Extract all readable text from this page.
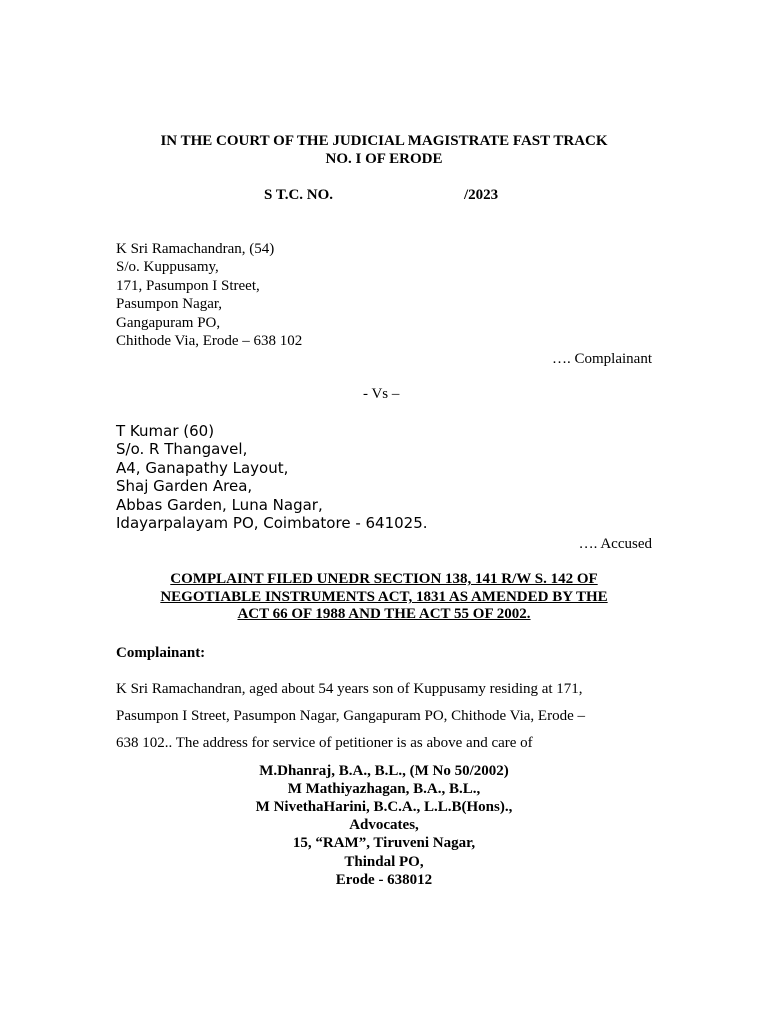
IN THE COURT OF THE JUDICIAL MAGISTRATE FAST TRACK

NO. I OF ERODE

S T.C. NO.	/2023
K Sri Ramachandran, (54)
S/o. Kuppusamy,
171, Pasumpon I Street,
Pasumpon Nagar,
Gangapuram PO,
Chithode Via, Erode – 638 102
…. Complainant
- Vs –
T Kumar (60)
S/o. R Thangavel,
A4, Ganapathy Layout,
Shaj Garden Area,
Abbas Garden, Luna Nagar,
Idayarpalayam PO, Coimbatore - 641025.
…. Accused

COMPLAINT FILED UNEDR SECTION 138, 141 R/W S. 142 OF

NEGOTIABLE INSTRUMENTS ACT, 1831 AS AMENDED BY THE

ACT 66 OF 1988 AND THE ACT 55 OF 2002.

Complainant:
K Sri Ramachandran, aged about 54 years son of Kuppusamy residing at 171,
Pasumpon I Street, Pasumpon Nagar, Gangapuram PO, Chithode Via, Erode –
638 102.. The address for service of petitioner is as above and care of
M.Dhanraj, B.A., B.L., (M No 50/2002)
M Mathiyazhagan, B.A., B.L.,
M NivethaHarini, B.C.A., L.L.B(Hons).,
Advocates,
15, “RAM”, Tiruveni Nagar,
Thindal PO,
Erode - 638012
